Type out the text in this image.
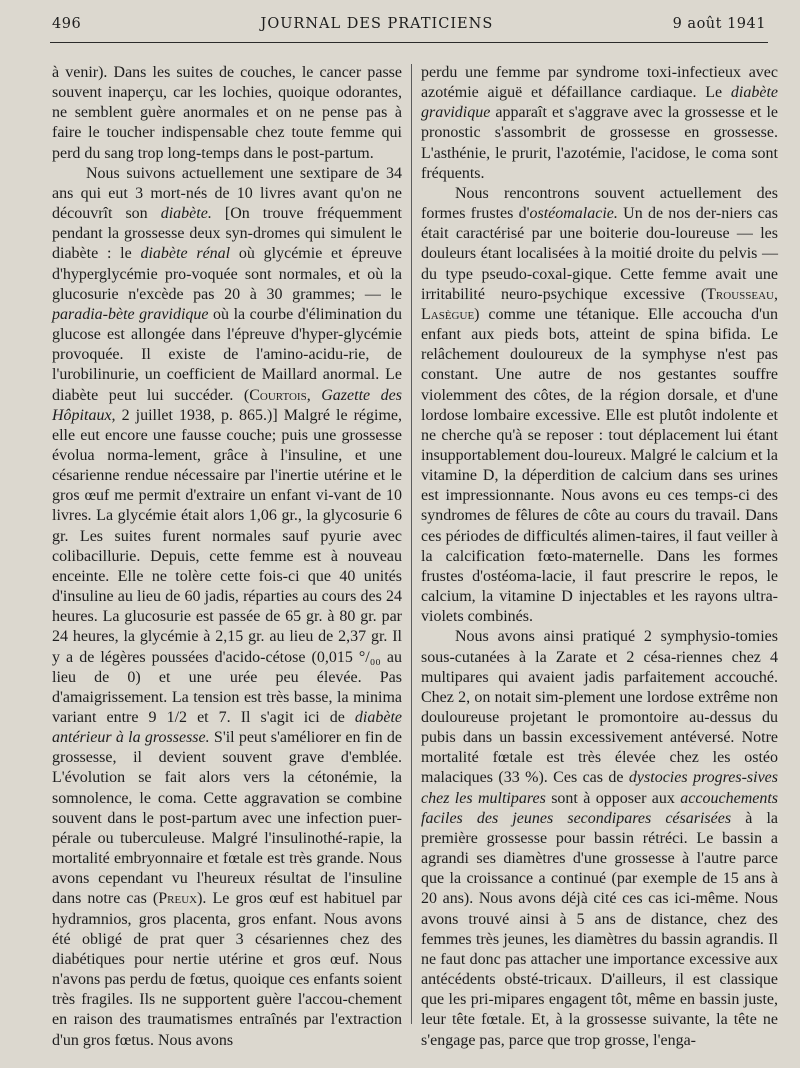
496	JOURNAL DES PRATICIENS	9 août 1941

à venir). Dans les suites de couches, le cancer passe souvent inaperçu, car les lochies, quoique odorantes, ne semblent guère anormales et on ne pense pas à faire le toucher indispensable chez toute femme qui perd du sang trop long-temps dans le post-partum.

Nous suivons actuellement une sextipare de 34 ans qui eut 3 mort-nés de 10 livres avant qu'on ne découvrît son diabète. [On trouve fréquemment pendant la grossesse deux syn-dromes qui simulent le diabète : le diabète rénal où glycémie et épreuve d'hyperglycémie pro-voquée sont normales, et où la glucosurie n'excède pas 20 à 30 grammes; — le paradia-bète gravidique où la courbe d'élimination du glucose est allongée dans l'épreuve d'hyper-glycémie provoquée. Il existe de l'amino-acidu-rie, de l'urobilinurie, un coefficient de Maillard anormal. Le diabète peut lui succéder. (Courtois, Gazette des Hôpitaux, 2 juillet 1938, p. 865.)] Malgré le régime, elle eut encore une fausse couche; puis une grossesse évolua norma-lement, grâce à l'insuline, et une césarienne rendue nécessaire par l'inertie utérine et le gros œuf me permit d'extraire un enfant vi-vant de 10 livres. La glycémie était alors 1,06 gr., la glycosurie 6 gr. Les suites furent normales sauf pyurie avec colibacillurie. Depuis, cette femme est à nouveau enceinte. Elle ne tolère cette fois-ci que 40 unités d'insuline au lieu de 60 jadis, réparties au cours des 24 heures. La glucosurie est passée de 65 gr. à 80 gr. par 24 heures, la glycémie à 2,15 gr. au lieu de 2,37 gr. Il y a de légères poussées d'acido-cétose (0,015 °/₀₀ au lieu de 0) et une urée peu élevée. Pas d'amaigrissement. La tension est très basse, la minima variant entre 9 1/2 et 7. Il s'agit ici de diabète antérieur à la grossesse. S'il peut s'améliorer en fin de grossesse, il devient souvent grave d'emblée. L'évolution se fait alors vers la cétonémie, la somnolence, le coma. Cette aggravation se combine souvent dans le post-partum avec une infection puer-pérale ou tuberculeuse. Malgré l'insulinothé-rapie, la mortalité embryonnaire et fœtale est très grande. Nous avons cependant vu l'heureux résultat de l'insuline dans notre cas (Preux). Le gros œuf est habituel par hydramnios, gros placenta, gros enfant. Nous avons été obligé de prat quer 3 césariennes chez des diabétiques pour nertie utérine et gros œuf. Nous n'avons pas perdu de fœtus, quoique ces enfants soient très fragiles. Ils ne supportent guère l'accou-chement en raison des traumatismes entraînés par l'extraction d'un gros fœtus. Nous avons

perdu une femme par syndrome toxi-infectieux avec azotémie aiguë et défaillance cardiaque. Le diabète gravidique apparaît et s'aggrave avec la grossesse et le pronostic s'assombrit de grossesse en grossesse. L'asthénie, le prurit, l'azotémie, l'acidose, le coma sont fréquents.

Nous rencontrons souvent actuellement des formes frustes d'ostéomalacie. Un de nos der-niers cas était caractérisé par une boiterie dou-loureuse — les douleurs étant localisées à la moitié droite du pelvis — du type pseudo-coxal-gique. Cette femme avait une irritabilité neuro-psychique excessive (Trousseau, Lasègue) comme une tétanique. Elle accoucha d'un enfant aux pieds bots, atteint de spina bifida. Le relâchement douloureux de la symphyse n'est pas constant. Une autre de nos gestantes souffre violemment des côtes, de la région dorsale, et d'une lordose lombaire excessive. Elle est plutôt indolente et ne cherche qu'à se reposer : tout déplacement lui étant insupportablement dou-loureux. Malgré le calcium et la vitamine D, la déperdition de calcium dans ses urines est impressionnante. Nous avons eu ces temps-ci des syndromes de fêlures de côte au cours du travail. Dans ces périodes de difficultés alimen-taires, il faut veiller à la calcification fœto-maternelle. Dans les formes frustes d'ostéoma-lacie, il faut prescrire le repos, le calcium, la vitamine D injectables et les rayons ultra-violets combinés.

Nous avons ainsi pratiqué 2 symphysio-tomies sous-cutanées à la Zarate et 2 césa-riennes chez 4 multipares qui avaient jadis parfaitement accouché. Chez 2, on notait sim-plement une lordose extrême non douloureuse projetant le promontoire au-dessus du pubis dans un bassin excessivement antéversé. Notre mortalité fœtale est très élevée chez les ostéo malaciques (33 %). Ces cas de dystocies progres-sives chez les multipares sont à opposer aux accouchements faciles des jeunes secondipares césarisées à la première grossesse pour bassin rétréci. Le bassin a agrandi ses diamètres d'une grossesse à l'autre parce que la croissance a continué (par exemple de 15 ans à 20 ans). Nous avons déjà cité ces cas ici-même. Nous avons trouvé ainsi à 5 ans de distance, chez des femmes très jeunes, les diamètres du bassin agrandis. Il ne faut donc pas attacher une importance excessive aux antécédents obsté-tricaux. D'ailleurs, il est classique que les pri-mipares engagent tôt, même en bassin juste, leur tête fœtale. Et, à la grossesse suivante, la tête ne s'engage pas, parce que trop grosse, l'enga-
